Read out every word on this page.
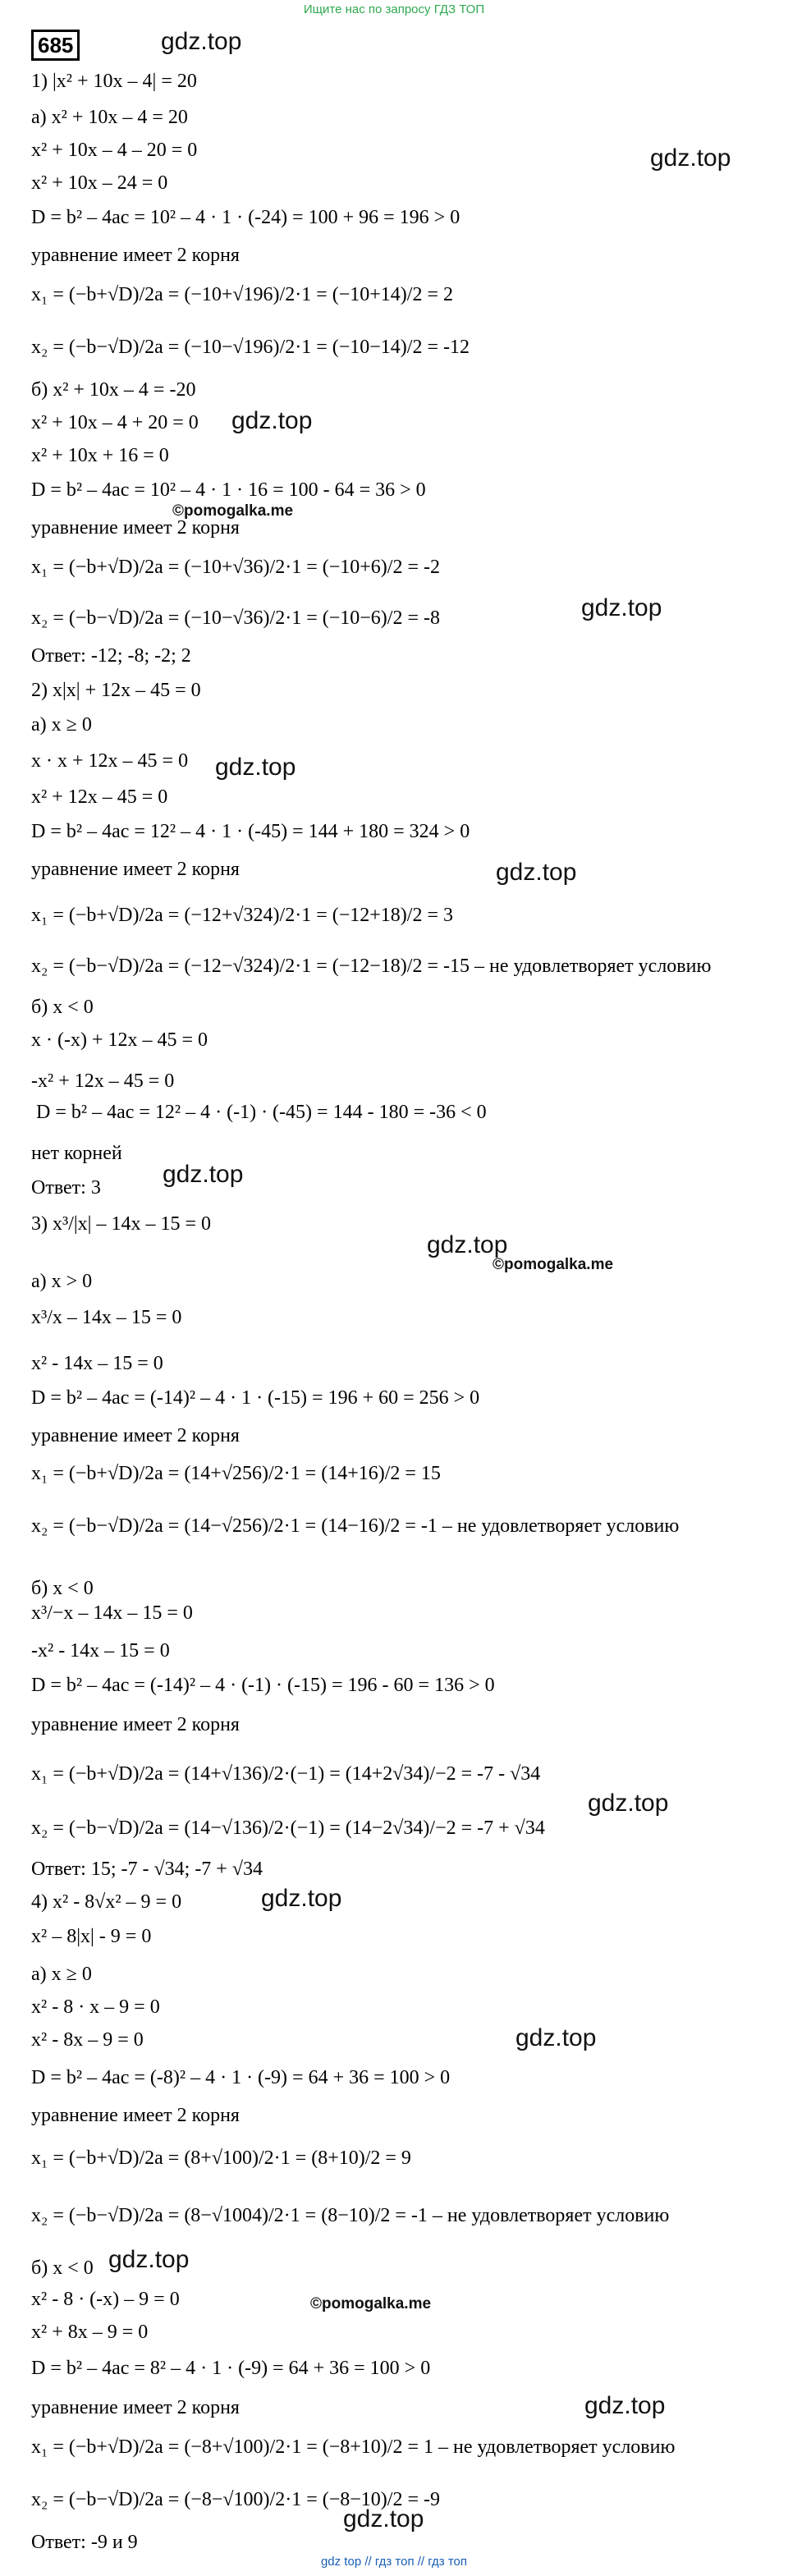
Ищите нас по запросу ГДЗ ТОП
685
1) |x² + 10x – 4| = 20
а) x² + 10x – 4 = 20
x² + 10x – 4 – 20 = 0
x² + 10x – 24 = 0
D = b² – 4ac = 10² – 4 · 1 · (-24) = 100 + 96 = 196 > 0
уравнение имеет 2 корня
x₁ = (−b+√D)/2a = (−10+√196)/2·1 = (−10+14)/2 = 2
x₂ = (−b−√D)/2a = (−10−√196)/2·1 = (−10−14)/2 = -12
б) x² + 10x – 4 = -20
x² + 10x – 4 + 20 = 0
x² + 10x + 16 = 0
D = b² – 4ac = 10² – 4 · 1 · 16 = 100 - 64 = 36 > 0
уравнение имеет 2 корня
x₁ = (−b+√D)/2a = (−10+√36)/2·1 = (−10+6)/2 = -2
x₂ = (−b−√D)/2a = (−10−√36)/2·1 = (−10−6)/2 = -8
Ответ: -12; -8; -2; 2
2) x|x| + 12x – 45 = 0
а) x ≥ 0
x · x + 12x – 45 = 0
x² + 12x – 45 = 0
D = b² – 4ac = 12² – 4 · 1 · (-45) = 144 + 180 = 324 > 0
уравнение имеет 2 корня
x₁ = (−b+√D)/2a = (−12+√324)/2·1 = (−12+18)/2 = 3
x₂ = (−b−√D)/2a = (−12−√324)/2·1 = (−12−18)/2 = -15 – не удовлетворяет условию
б) x < 0
x · (-x) + 12x – 45 = 0
-x² + 12x – 45 = 0
D = b² – 4ac = 12² – 4 · (-1) · (-45) = 144 - 180 = -36 < 0
нет корней
Ответ: 3
3) x³/|x| – 14x – 15 = 0
а) x > 0
x³/x – 14x – 15 = 0
x² - 14x – 15 = 0
D = b² – 4ac = (-14)² – 4 · 1 · (-15) = 196 + 60 = 256 > 0
уравнение имеет 2 корня
x₁ = (−b+√D)/2a = (14+√256)/2·1 = (14+16)/2 = 15
x₂ = (−b−√D)/2a = (14−√256)/2·1 = (14−16)/2 = -1 – не удовлетворяет условию
б) x < 0
x³/−x – 14x – 15 = 0
-x² - 14x – 15 = 0
D = b² – 4ac = (-14)² – 4 · (-1) · (-15) = 196 - 60 = 136 > 0
уравнение имеет 2 корня
x₁ = (−b+√D)/2a = (14+√136)/2·(−1) = (14+2√34)/−2 = -7 - √34
x₂ = (−b−√D)/2a = (14−√136)/2·(−1) = (14−2√34)/−2 = -7 + √34
Ответ: 15; -7 - √34; -7 + √34
4) x² - 8√x² – 9 = 0
x² – 8|x| - 9 = 0
а) x ≥ 0
x² - 8 · x – 9 = 0
x² - 8x – 9 = 0
D = b² – 4ac = (-8)² – 4 · 1 · (-9) = 64 + 36 = 100 > 0
уравнение имеет 2 корня
x₁ = (−b+√D)/2a = (8+√100)/2·1 = (8+10)/2 = 9
x₂ = (−b−√D)/2a = (8−√1004)/2·1 = (8−10)/2 = -1 – не удовлетворяет условию
б) x < 0
x² - 8 · (-x) – 9 = 0
x² + 8x – 9 = 0
D = b² – 4ac = 8² – 4 · 1 · (-9) = 64 + 36 = 100 > 0
уравнение имеет 2 корня
x₁ = (−b+√D)/2a = (−8+√100)/2·1 = (−8+10)/2 = 1 – не удовлетворяет условию
x₂ = (−b−√D)/2a = (−8−√100)/2·1 = (−8−10)/2 = -9
Ответ: -9 и 9
gdz.top
gdz.top
gdz.top
©pomogalka.me
gdz.top
gdz.top
gdz.top
gdz.top
gdz.top
©pomogalka.me
gdz.top
gdz.top
gdz.top
gdz.top
©pomogalka.me
gdz.top
gdz.top
gdz top // гдз топ // гдз топ
